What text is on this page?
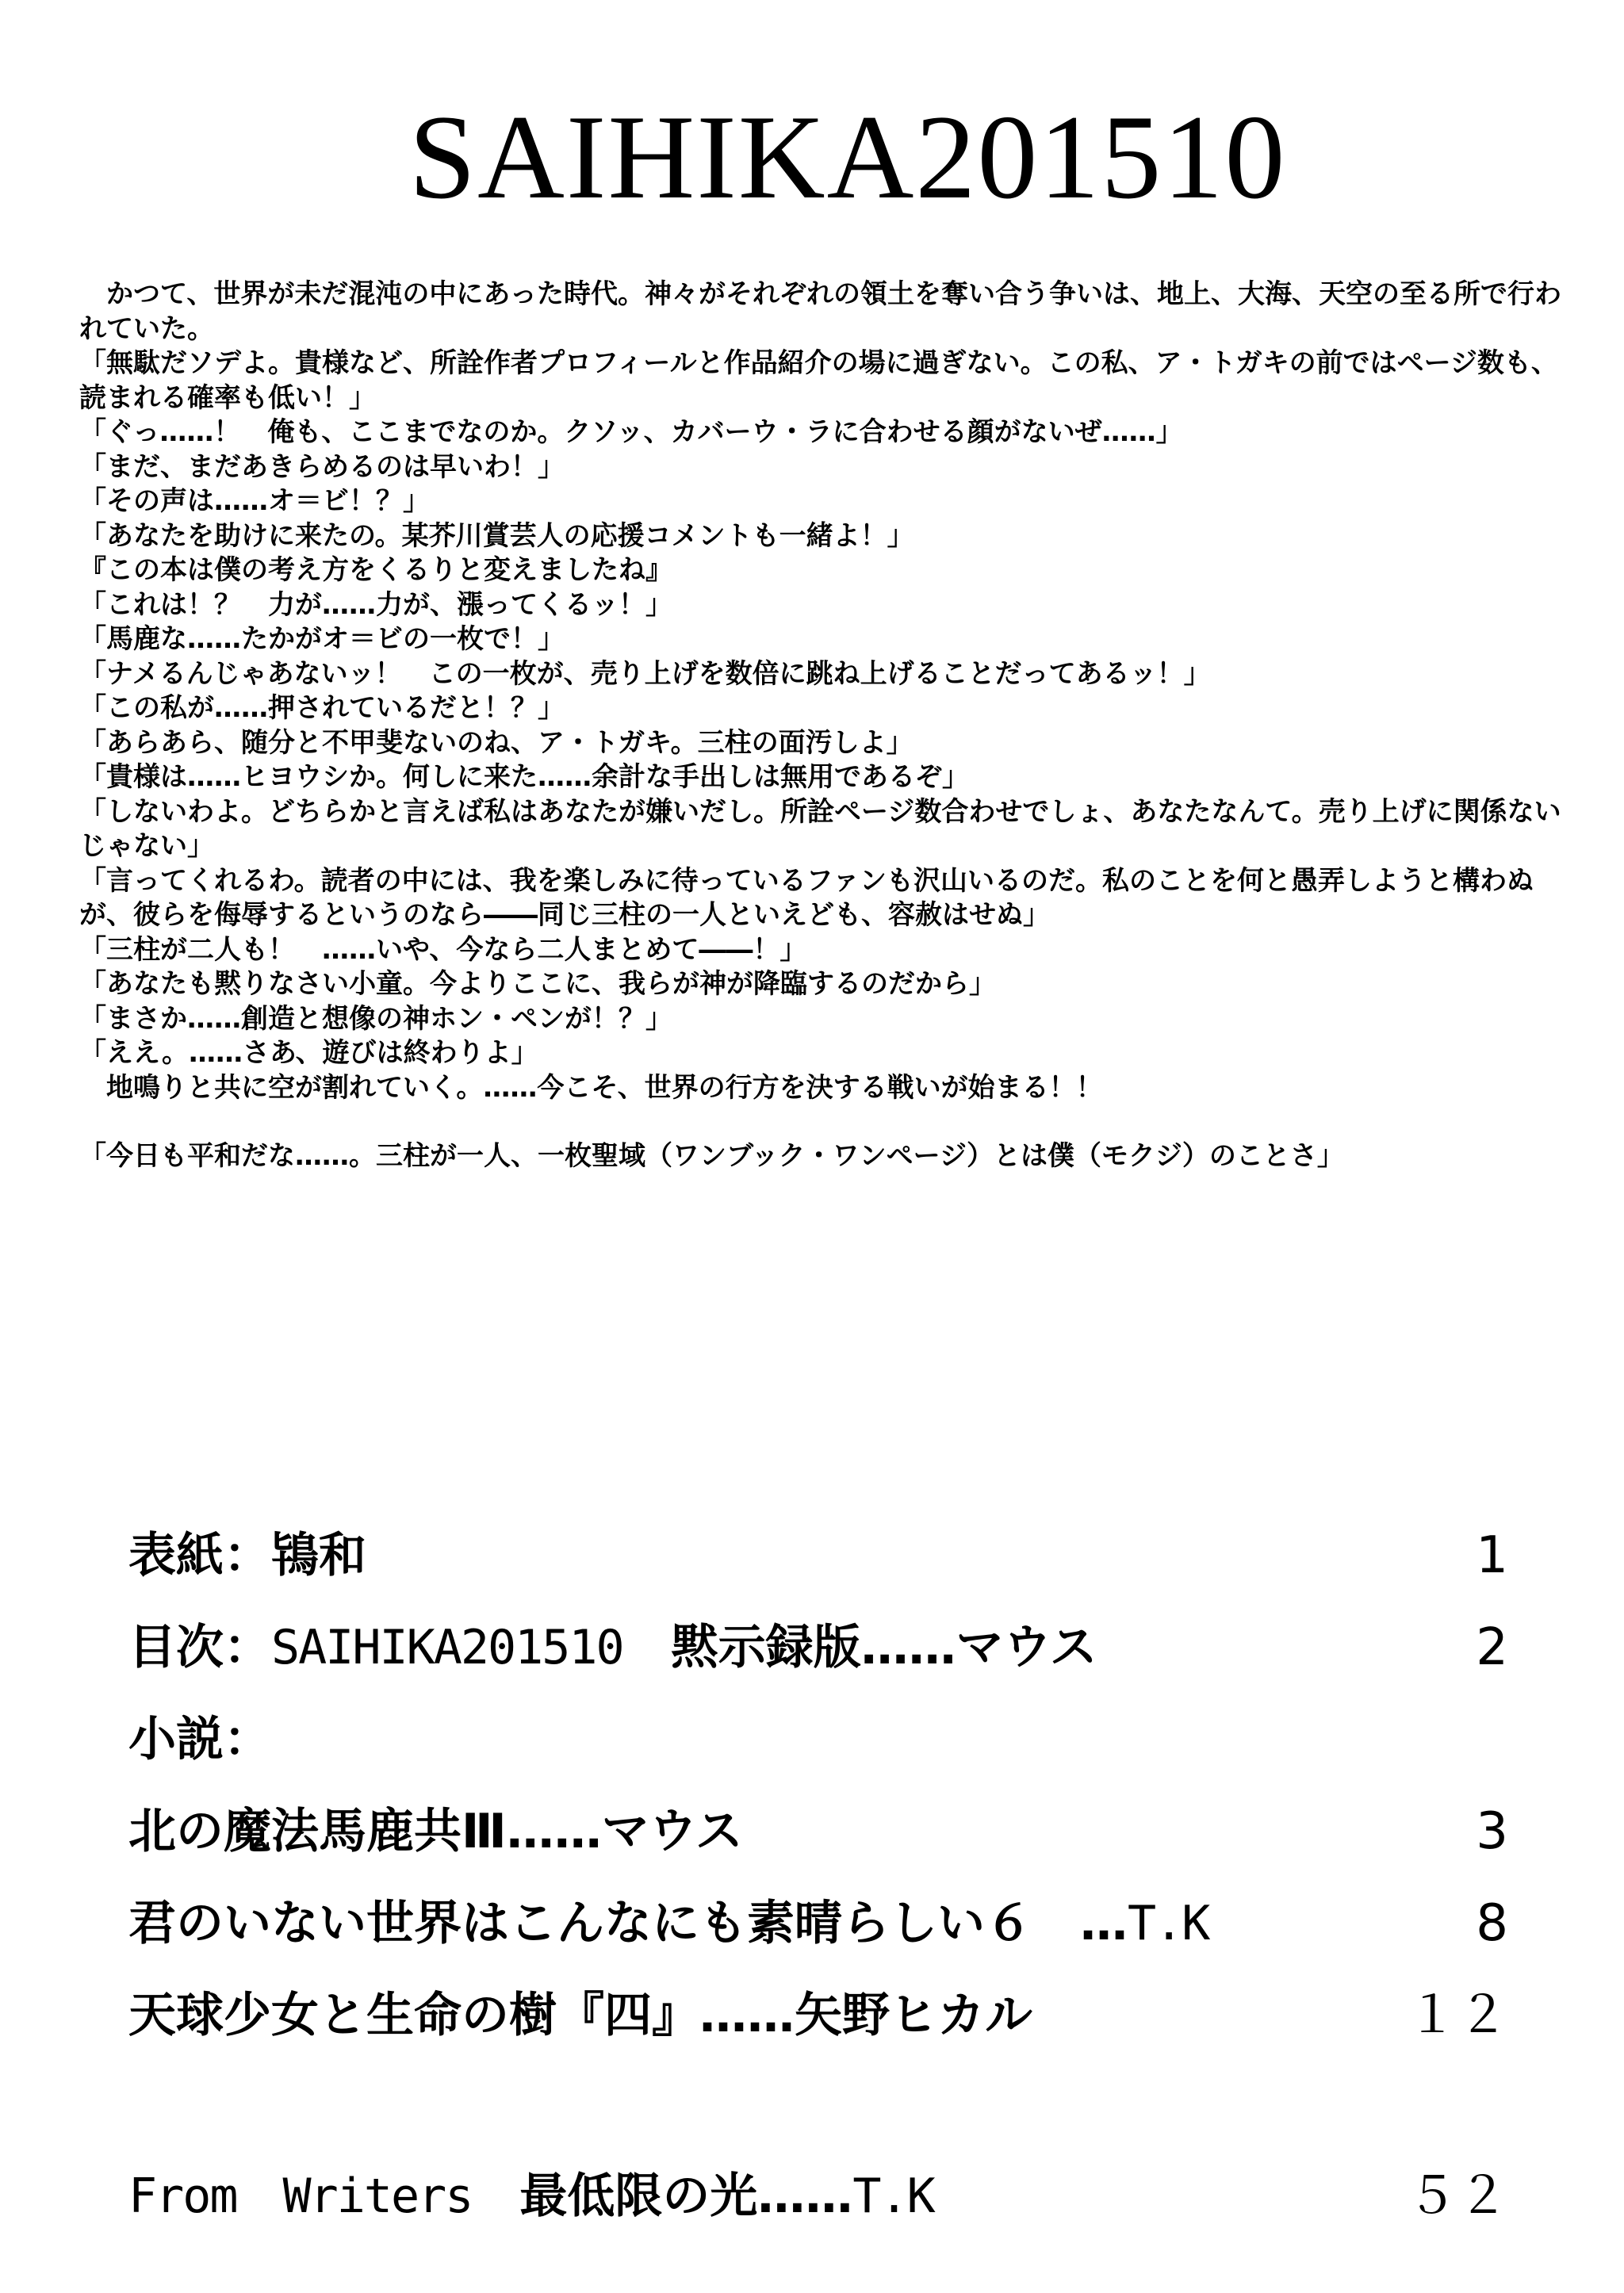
SAIHIKA201510

かつて、世界が未だ混沌の中にあった時代。神々がそれぞれの領土を奪い合う争いは、地上、大海、天空の至る所で行われていた。

「無駄だソデよ。貴様など、所詮作者プロフィールと作品紹介の場に過ぎない。この私、ア・トガキの前ではページ数も、読まれる確率も低い！」

「ぐっ……！　俺も、ここまでなのか。クソッ、カバーウ・ラに合わせる顔がないぜ……」

「まだ、まだあきらめるのは早いわ！」

「その声は……オ＝ビ！？」

「あなたを助けに来たの。某芥川賞芸人の応援コメントも一緒よ！」

『この本は僕の考え方をくるりと変えましたね』

「これは！？　力が……力が、漲ってくるッ！」

「馬鹿な……たかがオ＝ビの一枚で！」

「ナメるんじゃあないッ！　この一枚が、売り上げを数倍に跳ね上げることだってあるッ！」

「この私が……押されているだと！？」

「あらあら、随分と不甲斐ないのね、ア・トガキ。三柱の面汚しよ」

「貴様は……ヒヨウシか。何しに来た……余計な手出しは無用であるぞ」

「しないわよ。どちらかと言えば私はあなたが嫌いだし。所詮ページ数合わせでしょ、あなたなんて。売り上げに関係ないじゃない」

「言ってくれるわ。読者の中には、我を楽しみに待っているファンも沢山いるのだ。私のことを何と愚弄しようと構わぬが、彼らを侮辱するというのなら――同じ三柱の一人といえども、容赦はせぬ」

「三柱が二人も！　……いや、今なら二人まとめて――！」

「あなたも黙りなさい小童。今よりここに、我らが神が降臨するのだから」

「まさか……創造と想像の神ホン・ペンが！？」

「ええ。……さあ、遊びは終わりよ」

地鳴りと共に空が割れていく。……今こそ、世界の行方を決する戦いが始まる！！

「今日も平和だな……。三柱が一人、一枚聖域（ワンブック・ワンページ）とは僕（モクジ）のことさ」

表紙：鴇和	1
目次：SAIHIKA201510　黙示録版……マウス	2
小説：
北の魔法馬鹿共Ⅲ……マウス	3
君のいない世界はこんなにも素晴らしい６　…T.K	8
天球少女と生命の樹『四』……矢野ヒカル	１２
From　Writers　最低限の光……T.K	５２
